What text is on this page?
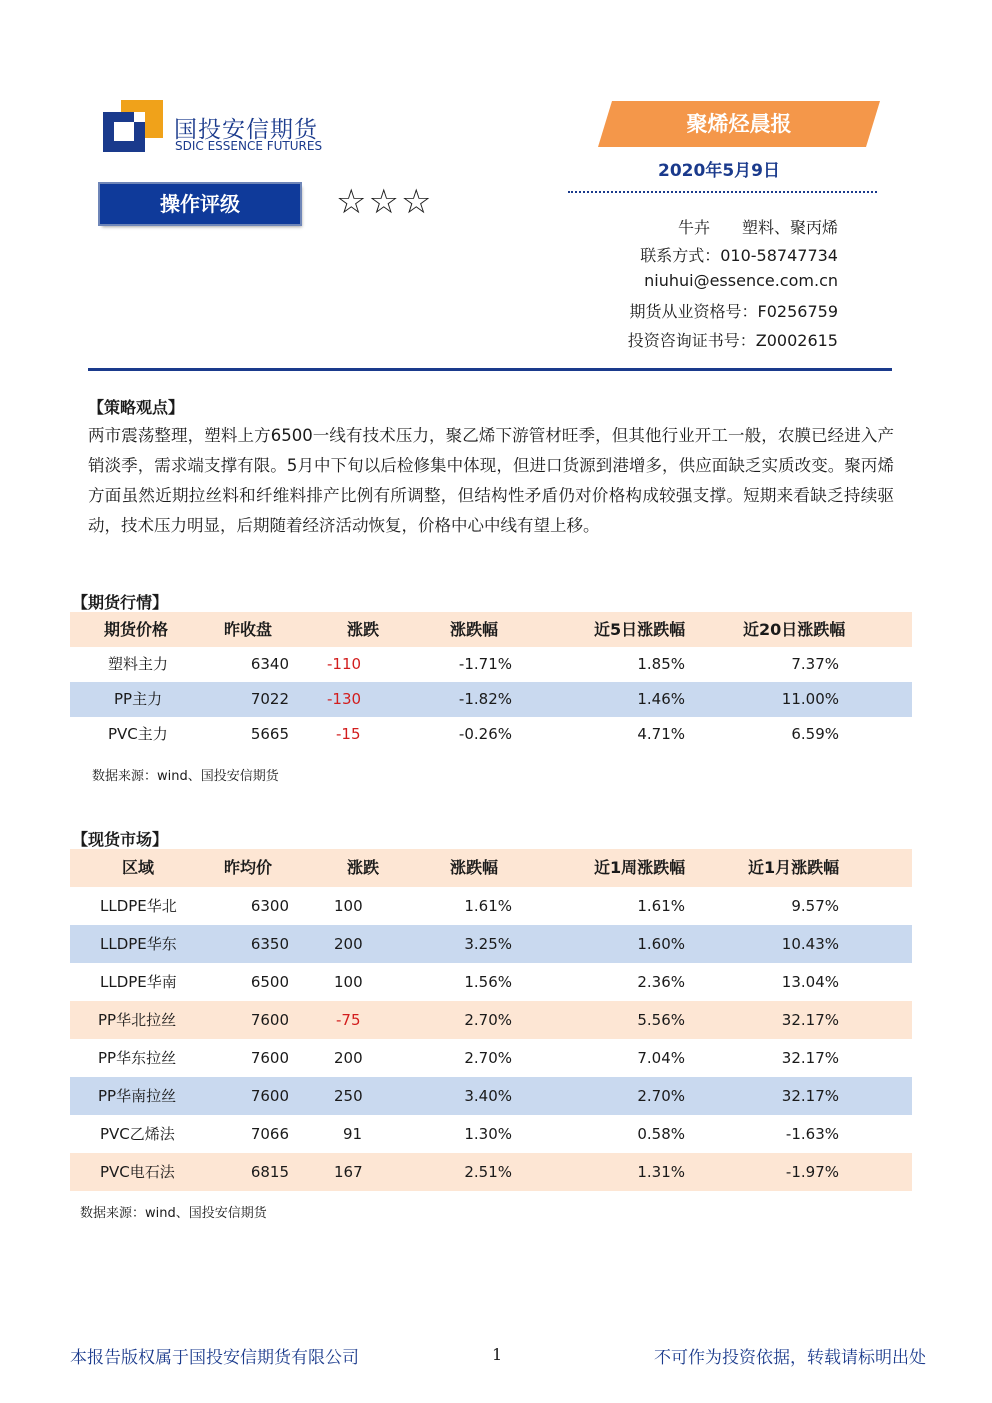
国投安信期货
SDIC ESSENCE FUTURES
聚烯烃晨报
2020年5月9日
操作评级	☆☆☆
牛卉　　塑料、聚丙烯
联系方式：010-58747734
niuhui@essence.com.cn
期货从业资格号：F0256759
投资咨询证书号：Z0002615
【策略观点】
两市震荡整理，塑料上方6500一线有技术压力，聚乙烯下游管材旺季，但其他行业开工一般，农膜已经进入产销淡季，需求端支撑有限。5月中下旬以后检修集中体现，但进口货源到港增多，供应面缺乏实质改变。聚丙烯方面虽然近期拉丝料和纤维料排产比例有所调整，但结构性矛盾仍对价格构成较强支撑。短期来看缺乏持续驱动，技术压力明显，后期随着经济活动恢复，价格中心中线有望上移。
【期货行情】
期货价格	昨收盘	涨跌	涨跌幅	近5日涨跌幅	近20日涨跌幅
塑料主力	6340	-110	-1.71%	1.85%	7.37%
PP主力	7022	-130	-1.82%	1.46%	11.00%
PVC主力	5665	-15	-0.26%	4.71%	6.59%
数据来源：wind、国投安信期货
【现货市场】
区域	昨均价	涨跌	涨跌幅	近1周涨跌幅	近1月涨跌幅
LLDPE华北	6300	100	1.61%	1.61%	9.57%
LLDPE华东	6350	200	3.25%	1.60%	10.43%
LLDPE华南	6500	100	1.56%	2.36%	13.04%
PP华北拉丝	7600	-75	2.70%	5.56%	32.17%
PP华东拉丝	7600	200	2.70%	7.04%	32.17%
PP华南拉丝	7600	250	3.40%	2.70%	32.17%
PVC乙烯法	7066	91	1.30%	0.58%	-1.63%
PVC电石法	6815	167	2.51%	1.31%	-1.97%
数据来源：wind、国投安信期货
本报告版权属于国投安信期货有限公司	1	不可作为投资依据，转载请标明出处
